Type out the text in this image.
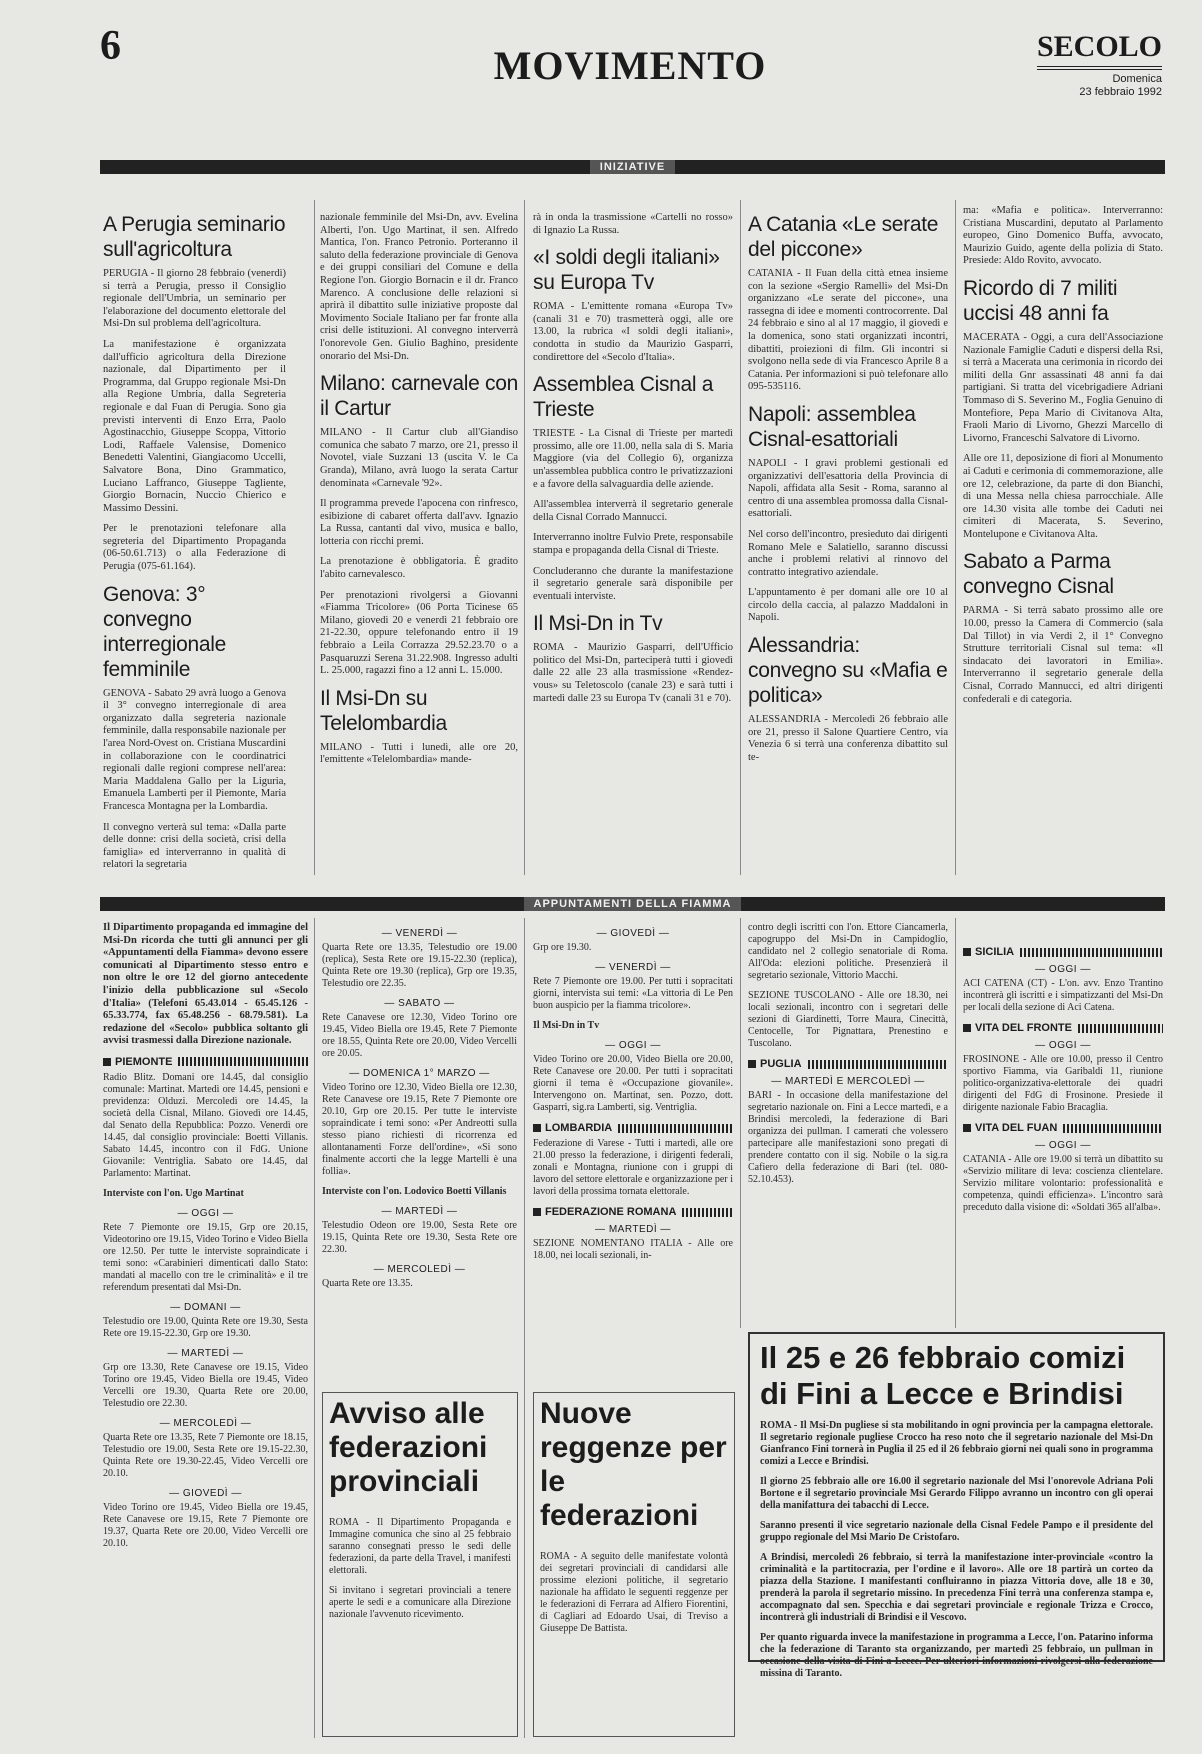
6	MOVIMENTO	SECOLO
Domenica
23 febbraio 1992
INIZIATIVE
A Perugia seminario sull'agricoltura

PERUGIA - Il giorno 28 febbraio (venerdì) si terrà a Perugia, presso il Consiglio regionale dell'Umbria, un seminario per l'elaborazione del documento elettorale del Msi-Dn sul problema dell'agricoltura.

La manifestazione è organizzata dall'ufficio agricoltura della Direzione nazionale, dal Dipartimento per il Programma, dal Gruppo regionale Msi-Dn alla Regione Umbria, dalla Segreteria regionale e dal Fuan di Perugia. Sono gia previsti interventi di Enzo Erra, Paolo Agostinacchio, Giuseppe Scoppa, Vittorio Lodi, Raffaele Valensise, Domenico Benedetti Valentini, Giangiacomo Uccelli, Salvatore Bona, Dino Grammatico, Luciano Laffranco, Giuseppe Tagliente, Giorgio Bornacin, Nuccio Chierico e Massimo Dessini.

Per le prenotazioni telefonare alla segreteria del Dipartimento Propaganda (06-50.61.713) o alla Federazione di Perugia (075-61.164).

Genova: 3° convegno interregionale femminile

GENOVA - Sabato 29 avrà luogo a Genova il 3° convegno interregionale di area organizzato dalla segreteria nazionale femminile, dalla responsabile nazionale per l'area Nord-Ovest on. Cristiana Muscardini in collaborazione con le coordinatrici regionali dalle regioni comprese nell'area: Maria Maddalena Gallo per la Liguria, Emanuela Lamberti per il Piemonte, Maria Francesca Montagna per la Lombardia.

Il convegno verterà sul tema: «Dalla parte delle donne: crisi della società, crisi della famiglia» ed interverranno in qualità di relatori la segretaria

nazionale femminile del Msi-Dn, avv. Evelina Alberti, l'on. Ugo Martinat, il sen. Alfredo Mantica, l'on. Franco Petronio. Porteranno il saluto della federazione provinciale di Genova e dei gruppi consiliari del Comune e della Regione l'on. Giorgio Bornacin e il dr. Franco Marenco. A conclusione delle relazioni si aprirà il dibattito sulle iniziative proposte dal Movimento Sociale Italiano per far fronte alla crisi delle istituzioni. Al convegno interverrà l'onorevole Gen. Giulio Baghino, presidente onorario del Msi-Dn.

Milano: carnevale con il Cartur

MILANO - Il Cartur club all'Giandiso comunica che sabato 7 marzo, ore 21, presso il Novotel, viale Suzzani 13 (uscita V. le Ca Granda), Milano, avrà luogo la serata Cartur denominata «Carnevale '92».

Il programma prevede l'apocena con rinfresco, esibizione di cabaret offerta dall'avv. Ignazio La Russa, cantanti dal vivo, musica e ballo, lotteria con ricchi premi.

La prenotazione è obbligatoria. È gradito l'abito carnevalesco.

Per prenotazioni rivolgersi a Giovanni «Fiamma Tricolore» (06 Porta Ticinese 65 Milano, giovedì 20 e venerdì 21 febbraio ore 21-22.30, oppure telefonando entro il 19 febbraio a Leila Corrazza 29.52.23.70 o a Pasquaruzzi Serena 31.22.908. Ingresso adulti L. 25.000, ragazzi fino a 12 anni L. 15.000.

Il Msi-Dn su Telelombardia

MILANO - Tutti i lunedì, alle ore 20, l'emittente «Telelombardia» mande-

rà in onda la trasmissione «Cartelli no rosso» di Ignazio La Russa.

«I soldi degli italiani» su Europa Tv

ROMA - L'emittente romana «Europa Tv» (canali 31 e 70) trasmetterà oggi, alle ore 13.00, la rubrica «I soldi degli italiani», condotta in studio da Maurizio Gasparri, condirettore del «Secolo d'Italia».

Assemblea Cisnal a Trieste

TRIESTE - La Cisnal di Trieste per martedì prossimo, alle ore 11.00, nella sala di S. Maria Maggiore (via del Collegio 6), organizza un'assemblea pubblica contro le privatizzazioni e a favore della salvaguardia delle aziende.

All'assemblea interverrà il segretario generale della Cisnal Corrado Mannucci.

Interverranno inoltre Fulvio Prete, responsabile stampa e propaganda della Cisnal di Trieste.

Concluderanno che durante la manifestazione il segretario generale sarà disponibile per eventuali interviste.

Il Msi-Dn in Tv

ROMA - Maurizio Gasparri, dell'Ufficio politico del Msi-Dn, parteciperà tutti i giovedì dalle 22 alle 23 alla trasmissione «Rendez-vous» su Teletoscolo (canale 23) e sarà tutti i martedì dalle 23 su Europa Tv (canali 31 e 70).

A Catania «Le serate del piccone»

CATANIA - Il Fuan della città etnea insieme con la sezione «Sergio Ramelli» del Msi-Dn organizzano «Le serate del piccone», una rassegna di idee e momenti controcorrente. Dal 24 febbraio e sino al al 17 maggio, il giovedì e la domenica, sono stati organizzati incontri, dibattiti, proiezioni di film. Gli incontri si svolgono nella sede di via Francesco Aprile 8 a Catania. Per informazioni si può telefonare allo 095-535116.

Napoli: assemblea Cisnal-esattoriali

NAPOLI - I gravi problemi gestionali ed organizzativi dell'esattoria della Provincia di Napoli, affidata alla Sesit - Roma, saranno al centro di una assemblea promossa dalla Cisnal-esattoriali.

Nel corso dell'incontro, presieduto dai dirigenti Romano Mele e Salatiello, saranno discussi anche i problemi relativi al rinnovo del contratto integrativo aziendale.

L'appuntamento è per domani alle ore 10 al circolo della caccia, al palazzo Maddaloni in Napoli.

Alessandria: convegno su «Mafia e politica»

ALESSANDRIA - Mercoledì 26 febbraio alle ore 21, presso il Salone Quartiere Centro, via Venezia 6 si terrà una conferenza dibattito sul te-

ma: «Mafia e politica». Interverranno: Cristiana Muscardini, deputato al Parlamento europeo, Gino Domenico Buffa, avvocato, Maurizio Guido, agente della polizia di Stato. Presiede: Aldo Rovito, avvocato.

Ricordo di 7 militi uccisi 48 anni fa

MACERATA - Oggi, a cura dell'Associazione Nazionale Famiglie Caduti e dispersi della Rsi, si terrà a Macerata una cerimonia in ricordo dei militi della Gnr assassinati 48 anni fa dai partigiani. Si tratta del vicebrigadiere Adriani Tommaso di S. Severino M., Foglia Genuino di Montefiore, Pepa Mario di Civitanova Alta, Fraoli Mario di Livorno, Ghezzi Marcello di Livorno, Franceschi Salvatore di Livorno.

Alle ore 11, deposizione di fiori al Monumento ai Caduti e cerimonia di commemorazione, alle ore 12, celebrazione, da parte di don Bianchi, di una Messa nella chiesa parrocchiale. Alle ore 14.30 visita alle tombe dei Caduti nei cimiteri di Macerata, S. Severino, Montelupone e Civitanova Alta.

Sabato a Parma convegno Cisnal

PARMA - Si terrà sabato prossimo alle ore 10.00, presso la Camera di Commercio (sala Dal Tillot) in via Verdi 2, il 1° Convegno Strutture territoriali Cisnal sul tema: «Il sindacato dei lavoratori in Emilia». Interverranno il segretario generale della Cisnal, Corrado Mannucci, ed altri dirigenti confederali e di categoria.

APPUNTAMENTI DELLA FIAMMA

Il Dipartimento propaganda ed immagine del Msi-Dn ricorda che tutti gli annunci per gli «Appuntamenti della Fiamma» devono essere comunicati al Dipartimento stesso entro e non oltre le ore 12 del giorno antecedente l'inizio della pubblicazione sul «Secolo d'Italia» (Telefoni 65.43.014 - 65.45.126 - 65.33.774, fax 65.48.256 - 68.79.581). La redazione del «Secolo» pubblica soltanto gli avvisi trasmessi dalla Direzione nazionale.

PIEMONTE

Radio Blitz. Domani ore 14.45, dal consiglio comunale: Martinat. Martedì ore 14.45, pensioni e previdenza: Olduzi. Mercoledì ore 14.45, la società della Cisnal, Milano. Giovedì ore 14.45, dal Senato della Repubblica: Pozzo. Venerdì ore 14.45, dal consiglio provinciale: Boetti Villanis. Sabato 14.45, incontro con il FdG. Unione Giovanile: Ventriglia. Sabato ore 14.45, dal Parlamento: Martinat.

Interviste con l'on. Ugo Martinat

— OGGI —

Rete 7 Piemonte ore 19.15, Grp ore 20.15, Videotorino ore 19.15, Video Torino e Video Biella ore 12.50. Per tutte le interviste sopraindicate i temi sono: «Carabinieri dimenticati dallo Stato: mandati al macello con tre le criminalità» e il tre referendum presentati dal Msi-Dn.

— DOMANI —

Telestudio ore 19.00, Quinta Rete ore 19.30, Sesta Rete ore 19.15-22.30, Grp ore 19.30.

— MARTEDÌ —

Grp ore 13.30, Rete Canavese ore 19.15, Video Torino ore 19.45, Video Biella ore 19.45, Video Vercelli ore 19.30, Quarta Rete ore 20.00, Telestudio ore 22.30.

— MERCOLEDÌ —

Quarta Rete ore 13.35, Rete 7 Piemonte ore 18.15, Telestudio ore 19.00, Sesta Rete ore 19.15-22.30, Quinta Rete ore 19.30-22.45, Video Vercelli ore 20.10.

— GIOVEDÌ —

Video Torino ore 19.45, Video Biella ore 19.45, Rete Canavese ore 19.15, Rete 7 Piemonte ore 19.37, Quarta Rete ore 20.00, Video Vercelli ore 20.10.

— VENERDÌ —

Quarta Rete ore 13.35, Telestudio ore 19.00 (replica), Sesta Rete ore 19.15-22.30 (replica), Quinta Rete ore 19.30 (replica), Grp ore 19.35, Telestudio ore 22.35.

— SABATO —

Rete Canavese ore 12.30, Video Torino ore 19.45, Video Biella ore 19.45, Rete 7 Piemonte ore 18.55, Quinta Rete ore 20.00, Video Vercelli ore 20.05.

— DOMENICA 1° MARZO —

Video Torino ore 12.30, Video Biella ore 12.30, Rete Canavese ore 19.15, Rete 7 Piemonte ore 20.10, Grp ore 20.15. Per tutte le interviste sopraindicate i temi sono: «Per Andreotti sulla stesso piano richiesti di ricorrenza ed allontanamenti Forze dell'ordine», «Si sono finalmente accorti che la legge Martelli è una follia».

Interviste con l'on. Lodovico Boetti Villanis

— MARTEDÌ —

Telestudio Odeon ore 19.00, Sesta Rete ore 19.15, Quinta Rete ore 19.30, Sesta Rete ore 22.30.

— MERCOLEDÌ —

Quarta Rete ore 13.35.

Avviso alle federazioni provinciali

ROMA - Il Dipartimento Propaganda e Immagine comunica che sino al 25 febbraio saranno consegnati presso le sedi delle federazioni, da parte della Travel, i manifesti elettorali.

Si invitano i segretari provinciali a tenere aperte le sedi e a comunicare alla Direzione nazionale l'avvenuto ricevimento.

— GIOVEDÌ —

Grp ore 19.30.

— VENERDÌ —

Rete 7 Piemonte ore 19.00. Per tutti i sopracitati giorni, intervista sui temi: «La vittoria di Le Pen buon auspicio per la fiamma tricolore».

Il Msi-Dn in Tv

— OGGI —

Video Torino ore 20.00, Video Biella ore 20.00, Rete Canavese ore 20.00. Per tutti i sopracitati giorni il tema è «Occupazione giovanile». Intervengono on. Martinat, sen. Pozzo, dott. Gasparri, sig.ra Lamberti, sig. Ventriglia.

LOMBARDIA

Federazione di Varese - Tutti i martedì, alle ore 21.00 presso la federazione, i dirigenti federali, zonali e Montagna, riunione con i gruppi di lavoro del settore elettorale e organizzazione per i lavori della prossima tornata elettorale.

FEDERAZIONE ROMANA
— MARTEDÌ —

SEZIONE NOMENTANO ITALIA - Alle ore 18.00, nei locali sezionali, in-

Nuove reggenze per le federazioni

ROMA - A seguito delle manifestate volontà dei segretari provinciali di candidarsi alle prossime elezioni politiche, il segretario nazionale ha affidato le seguenti reggenze per le federazioni di Ferrara ad Alfiero Fiorentini, di Cagliari ad Edoardo Usai, di Treviso a Giuseppe De Battista.

contro degli iscritti con l'on. Ettore Ciancamerla, capogruppo del Msi-Dn in Campidoglio, candidato nel 2 collegio senatoriale di Roma. All'Oda: elezioni politiche. Presenzierà il segretario sezionale, Vittorio Macchi.

SEZIONE TUSCOLANO - Alle ore 18.30, nei locali sezionali, incontro con i segretari delle sezioni di Giardinetti, Torre Maura, Cinecittà, Centocelle, Tor Pignattara, Prenestino e Tuscolano.

PUGLIA
— MARTEDÌ E MERCOLEDÌ —

BARI - In occasione della manifestazione del segretario nazionale on. Fini a Lecce martedì, e a Brindisi mercoledì, la federazione di Bari organizza dei pullman. I camerati che volessero partecipare alle manifestazioni sono pregati di prendere contatto con il sig. Nobile o la sig.ra Cafiero della federazione di Bari (tel. 080-52.10.453).

SICILIA
— OGGI —

ACI CATENA (CT) - L'on. avv. Enzo Trantino incontrerà gli iscritti e i simpatizzanti del Msi-Dn per locali della sezione di Aci Catena.

VITA DEL FRONTE
— OGGI —

FROSINONE - Alle ore 10.00, presso il Centro sportivo Fiamma, via Garibaldi 11, riunione politico-organizzativa-elettorale dei quadri dirigenti del FdG di Frosinone. Presiede il dirigente nazionale Fabio Bracaglia.

VITA DEL FUAN
— OGGI —

CATANIA - Alle ore 19.00 si terrà un dibattito su «Servizio militare di leva: coscienza clientelare. Servizio militare volontario: professionalità e competenza, quindi efficienza». L'incontro sarà preceduto dalla visione di: «Soldati 365 all'alba».

Il 25 e 26 febbraio comizi di Fini a Lecce e Brindisi

ROMA - Il Msi-Dn pugliese si sta mobilitando in ogni provincia per la campagna elettorale. Il segretario regionale pugliese Crocco ha reso noto che il segretario nazionale del Msi-Dn Gianfranco Fini tornerà in Puglia il 25 ed il 26 febbraio giorni nei quali sono in programma comizi a Lecce e Brindisi.

Il giorno 25 febbraio alle ore 16.00 il segretario nazionale del Msi l'onorevole Adriana Poli Bortone e il segretario provinciale Msi Gerardo Filippo avranno un incontro con gli operai della manifattura dei tabacchi di Lecce.

Saranno presenti il vice segretario nazionale della Cisnal Fedele Pampo e il presidente del gruppo regionale del Msi Mario De Cristofaro.

A Brindisi, mercoledì 26 febbraio, si terrà la manifestazione inter-provinciale «contro la criminalità e la partitocrazia, per l'ordine e il lavoro». Alle ore 18 partirà un corteo da piazza della Stazione. I manifestanti confluiranno in piazza Vittoria dove, alle 18 e 30, prenderà la parola il segretario missino. In precedenza Fini terrà una conferenza stampa e, accompagnato dal sen. Specchia e dai segretari provinciale e regionale Trizza e Crocco, incontrerà gli industriali di Brindisi e il Vescovo.

Per quanto riguarda invece la manifestazione in programma a Lecce, l'on. Patarino informa che la federazione di Taranto sta organizzando, per martedì 25 febbraio, un pullman in occasione della visita di Fini a Lecce. Per ulteriori informazioni rivolgersi alla federazione missina di Taranto.
